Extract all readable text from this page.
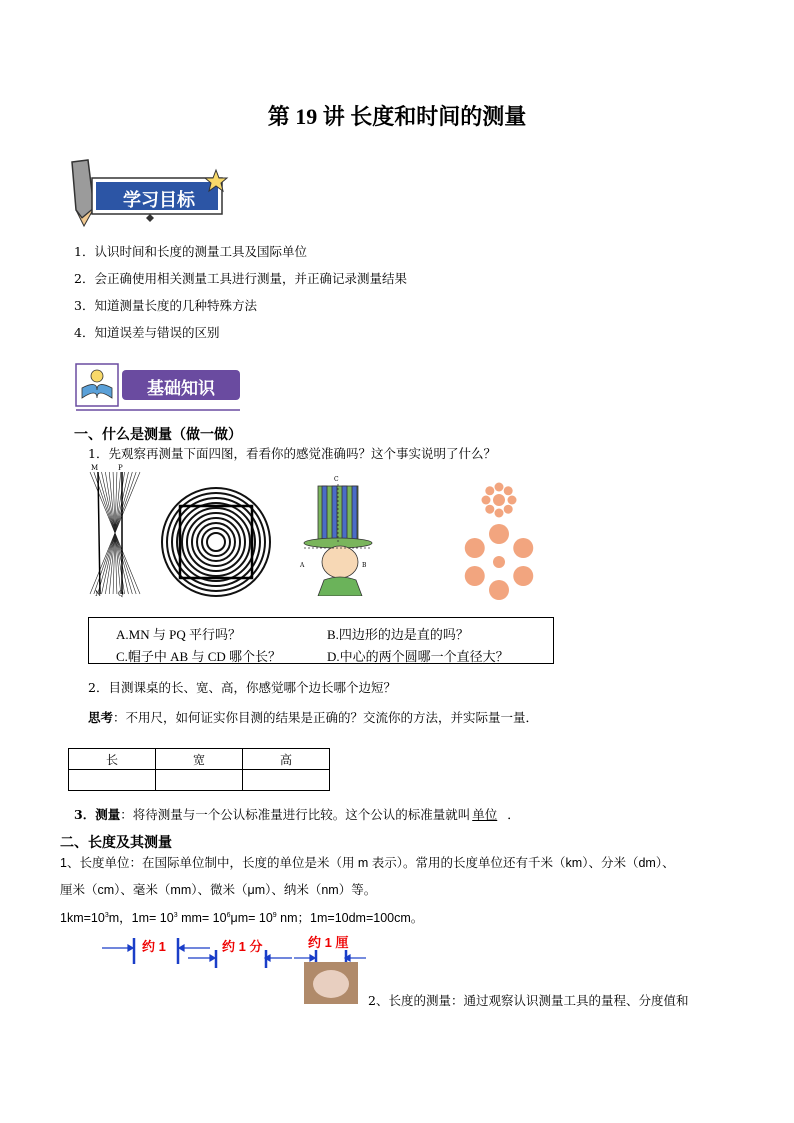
第 19 讲 长度和时间的测量
学习目标
1．认识时间和长度的测量工具及国际单位
2．会正确使用相关测量工具进行测量，并正确记录测量结果
3．知道测量长度的几种特殊方法
4．知道误差与错误的区别
基础知识
一、什么是测量（做一做）
1．先观察再测量下面四图，看看你的感觉准确吗？这个事实说明了什么？
M	P
N Q
C
A	B
A.MN 与 PQ 平行吗？	B.四边形的边是直的吗？
C.帽子中 AB 与 CD 哪个长？	D.中心的两个圆哪一个直径大？
2．目测课桌的长、宽、高，你感觉哪个边长哪个边短？
思考：不用尺，如何证实你目测的结果是正确的？交流你的方法，并实际量一量．
长	宽	高

3．测量：将待测量与一个公认标准量进行比较。这个公认的标准量就叫 单位 ．
二、长度及其测量
1、长度单位：在国际单位制中，长度的单位是米（用 m 表示）。常用的长度单位还有千米（km）、分米（dm）、
厘米（cm）、毫米（mm）、微米（μm）、纳米（nm）等。
$1km=10^3m$，$1m= 10^3$ $mm= 10^6\mu m= 10^9$ nm；1m=10dm=100cm。
约 1	约 1 分	约 1 厘
2、长度的测量：通过观察认识测量工具的量程、分度值和
